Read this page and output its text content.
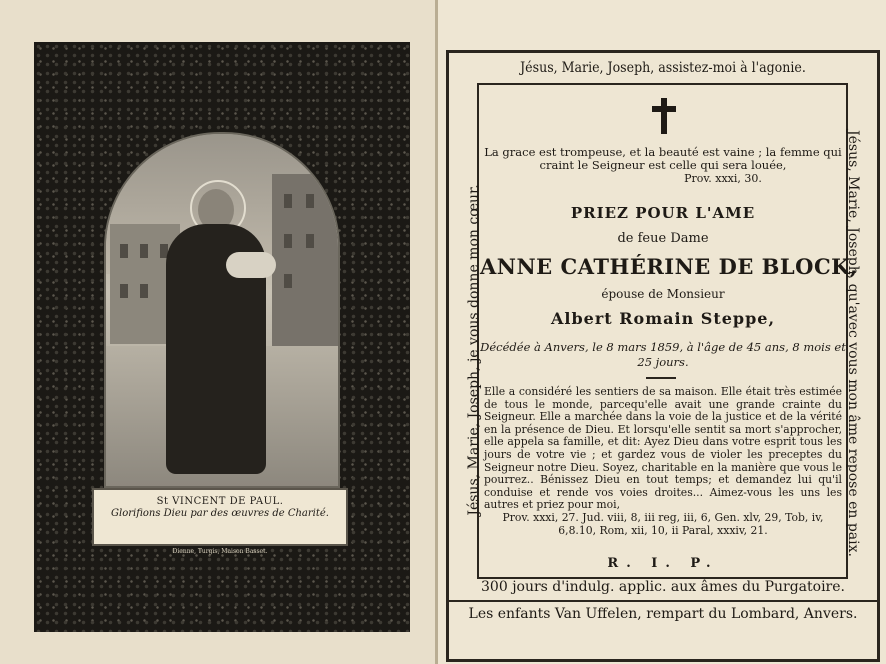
St VINCENT DE PAUL.
Glorifions Dieu par des œuvres de Charité.
Dienne, Turgis, Maison Basset.
Jésus, Marie, Joseph, assistez-moi à l'agonie.
Jésus, Marie, Joseph, je vous donne mon cœur.	Jésus, Marie, Joseph, qu'avec vous mon âme repose en paix.
La grace est trompeuse, et la beauté est vaine ; la femme qui craint le Seigneur est celle qui sera louée,
Prov. xxxi, 30.
PRIEZ POUR L'AME
de feue Dame
ANNE CATHÉRINE DE BLOCK,
épouse de Monsieur
Albert Romain Steppe,
Décédée à Anvers, le 8 mars 1859, à l'âge de 45 ans, 8 mois et 25 jours.
Elle a considéré les sentiers de sa maison. Elle était très estimée de tous le monde, parcequ'elle avait une grande crainte du Seigneur. Elle a marchée dans la voie de la justice et de la vérité en la présence de Dieu. Et lorsqu'elle sentit sa mort s'approcher, elle appela sa famille, et dit: Ayez Dieu dans votre esprit tous les jours de votre vie ; et gardez vous de violer les preceptes du Seigneur notre Dieu. Soyez, charitable en la manière que vous le pourrez.. Bénissez Dieu en tout temps; et demandez lui qu'il conduise et rende vos voies droites... Aimez-vous les uns les autres et priez pour moi,

Prov. xxxi, 27. Jud. viii, 8, iii reg, iii, 6, Gen. xlv, 29, Tob, iv, 6,8.10, Rom, xii, 10, ii Paral, xxxiv, 21.
R. I. P.
300 jours d'indulg. applic. aux âmes du Purgatoire.
Les enfants Van Uffelen, rempart du Lombard, Anvers.
